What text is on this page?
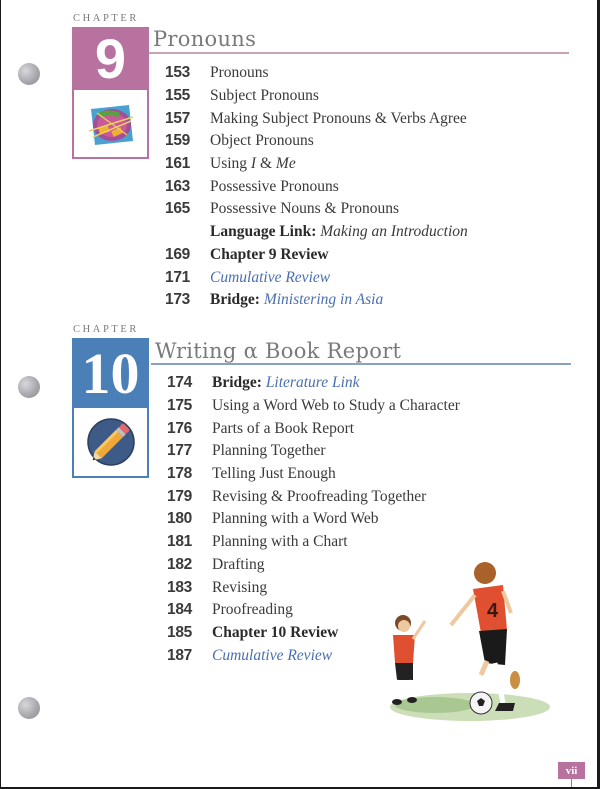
CHAPTER
9	Pronouns
153	Pronouns
155	Subject Pronouns
157	Making Subject Pronouns & Verbs Agree
159	Object Pronouns
161	Using I & Me
163	Possessive Pronouns
165	Possessive Nouns & Pronouns
167	Language Link: Making an Introduction
169	Chapter 9 Review
171	Cumulative Review
173	Bridge: Ministering in Asia
CHAPTER
10 Writing α Book Report
174	Bridge: Literature Link
175	Using a Word Web to Study a Character
176	Parts of a Book Report
177	Planning Together
178	Telling Just Enough
179	Revising & Proofreading Together
180	Planning with a Word Web
181	Planning with a Chart
182	Drafting
183	Revising
184	Proofreading
185	Chapter 10 Review
187	Cumulative Review
4
vii
